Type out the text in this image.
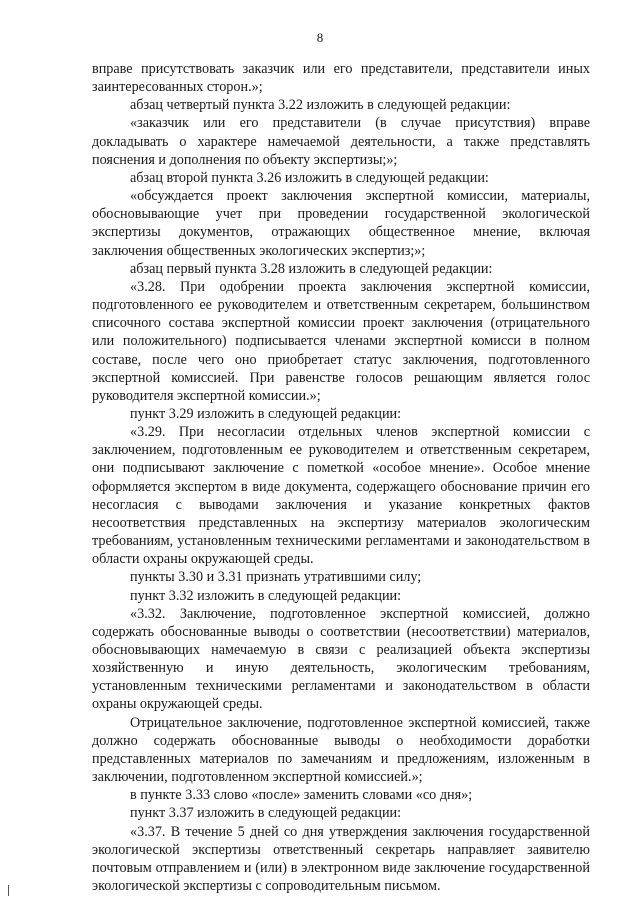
8

вправе присутствовать заказчик или его представители, представители иных заинтересованных сторон.»;

абзац четвертый пункта 3.22 изложить в следующей редакции:

«заказчик или его представители (в случае присутствия) вправе докладывать о характере намечаемой деятельности, а также представлять пояснения и дополнения по объекту экспертизы;»;

абзац второй пункта 3.26 изложить в следующей редакции:

«обсуждается проект заключения экспертной комиссии, материалы, обосновывающие учет при проведении государственной экологической экспертизы документов, отражающих общественное мнение, включая заключения общественных экологических экспертиз;»;

абзац первый пункта 3.28 изложить в следующей редакции:

«3.28. При одобрении проекта заключения экспертной комиссии, подготовленного ее руководителем и ответственным секретарем, большинством списочного состава экспертной комиссии проект заключения (отрицательного или положительного) подписывается членами экспертной комисси в полном составе, после чего оно приобретает статус заключения, подготовленного экспертной комиссией. При равенстве голосов решающим является голос руководителя экспертной комиссии.»;

пункт 3.29 изложить в следующей редакции:

«3.29. При несогласии отдельных членов экспертной комиссии с заключением, подготовленным ее руководителем и ответственным секретарем, они подписывают заключение с пометкой «особое мнение». Особое мнение оформляется экспертом в виде документа, содержащего обоснование причин его несогласия с выводами заключения и указание конкретных фактов несоответствия представленных на экспертизу материалов экологическим требованиям, установленным техническими регламентами и законодательством в области охраны окружающей среды.

пункты 3.30 и 3.31 признать утратившими силу;

пункт 3.32 изложить в следующей редакции:

«3.32. Заключение, подготовленное экспертной комиссией, должно содержать обоснованные выводы о соответствии (несоответствии) материалов, обосновывающих намечаемую в связи с реализацией объекта экспертизы хозяйственную и иную деятельность, экологическим требованиям, установленным техническими регламентами и законодательством в области охраны окружающей среды.

Отрицательное заключение, подготовленное экспертной комиссией, также должно содержать обоснованные выводы о необходимости доработки представленных материалов по замечаниям и предложениям, изложенным в заключении, подготовленном экспертной комиссией.»;

в пункте 3.33 слово «после» заменить словами «со дня»;

пункт 3.37 изложить в следующей редакции:

«3.37. В течение 5 дней со дня утверждения заключения государственной экологической экспертизы ответственный секретарь направляет заявителю почтовым отправлением и (или) в электронном виде заключение государственной экологической экспертизы с сопроводительным письмом.
